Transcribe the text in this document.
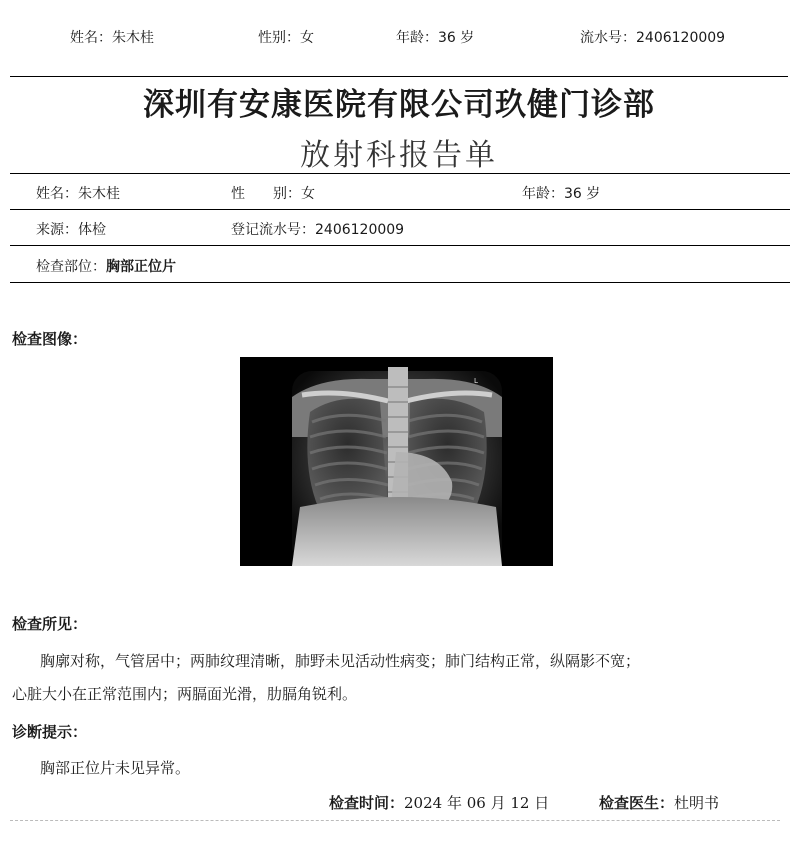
姓名：朱木桂	性别：女	年龄：36 岁	流水号：2406120009
深圳有安康医院有限公司玖健门诊部
放射科报告单
姓名：朱木桂	性　　别：女	年龄：36 岁
来源：体检	登记流水号：2406120009
检查部位：胸部正位片
检查图像：
L
检查所见：
胸廓对称，气管居中；两肺纹理清晰，肺野未见活动性病变；肺门结构正常，纵隔影不宽；
心脏大小在正常范围内；两膈面光滑，肋膈角锐利。
诊断提示：
胸部正位片未见异常。
检查时间：2024 年 06 月 12 日	检查医生：杜明书
